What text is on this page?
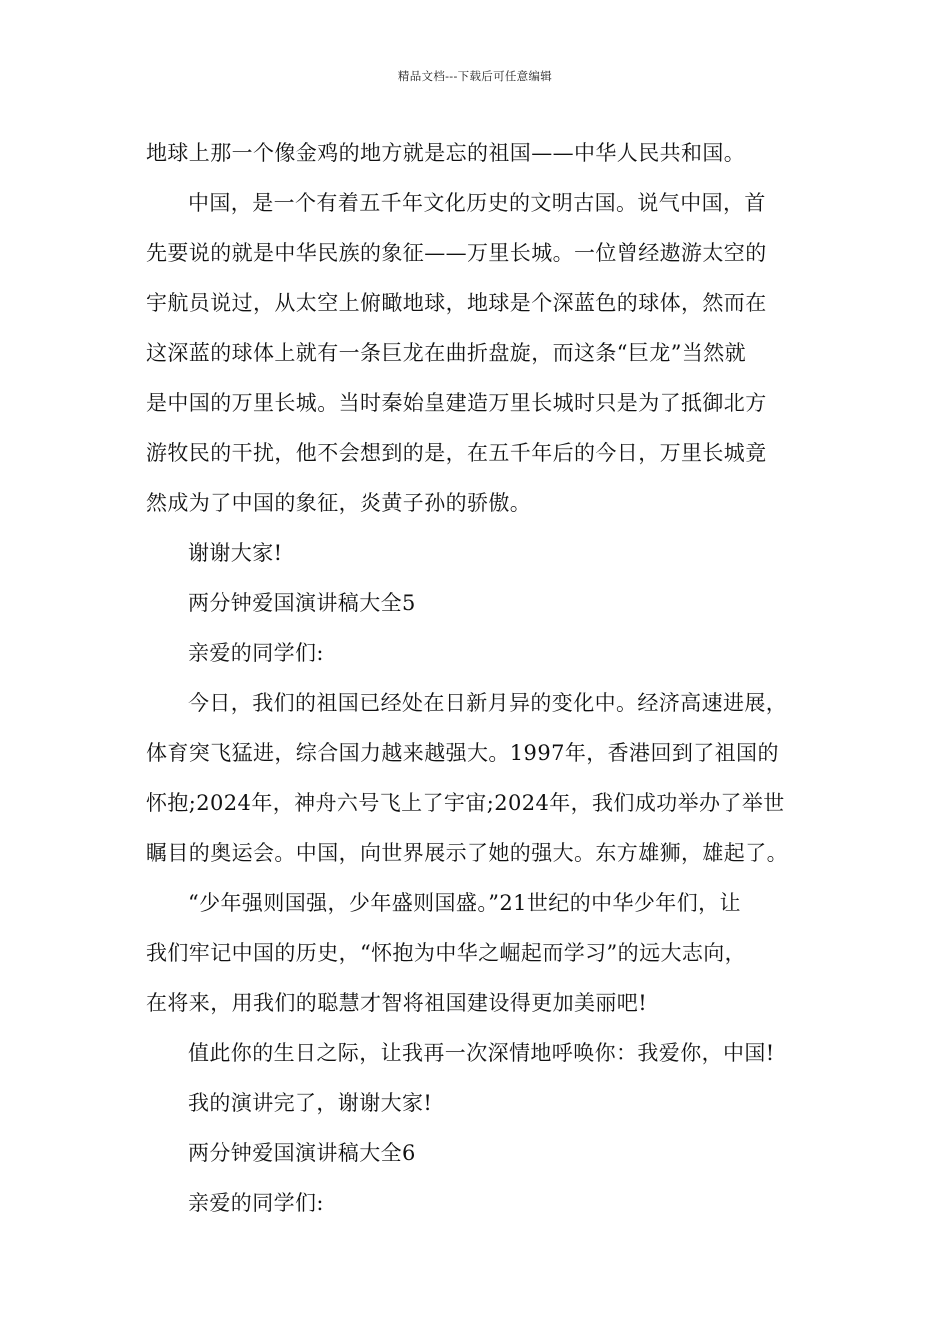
精品文档---下载后可任意编辑
地球上那一个像金鸡的地方就是忘的祖国——中华人民共和国。
中国，是一个有着五千年文化历史的文明古国。说气中国，首
先要说的就是中华民族的象征——万里长城。一位曾经遨游太空的
宇航员说过，从太空上俯瞰地球，地球是个深蓝色的球体，然而在
这深蓝的球体上就有一条巨龙在曲折盘旋，而这条“巨龙”当然就
是中国的万里长城。当时秦始皇建造万里长城时只是为了抵御北方
游牧民的干扰，他不会想到的是，在五千年后的今日，万里长城竟
然成为了中国的象征，炎黄子孙的骄傲。
谢谢大家!
两分钟爱国演讲稿大全5
亲爱的同学们:
今日，我们的祖国已经处在日新月异的变化中。经济高速进展，
体育突飞猛进，综合国力越来越强大。1997年，香港回到了祖国的
怀抱;2024年，神舟六号飞上了宇宙;2024年，我们成功举办了举世
瞩目的奥运会。中国，向世界展示了她的强大。东方雄狮，雄起了。
“少年强则国强，少年盛则国盛。”21世纪的中华少年们，让
我们牢记中国的历史，“怀抱为中华之崛起而学习”的远大志向，
在将来，用我们的聪慧才智将祖国建设得更加美丽吧!
值此你的生日之际，让我再一次深情地呼唤你：我爱你，中国!
我的演讲完了，谢谢大家!
两分钟爱国演讲稿大全6
亲爱的同学们:
